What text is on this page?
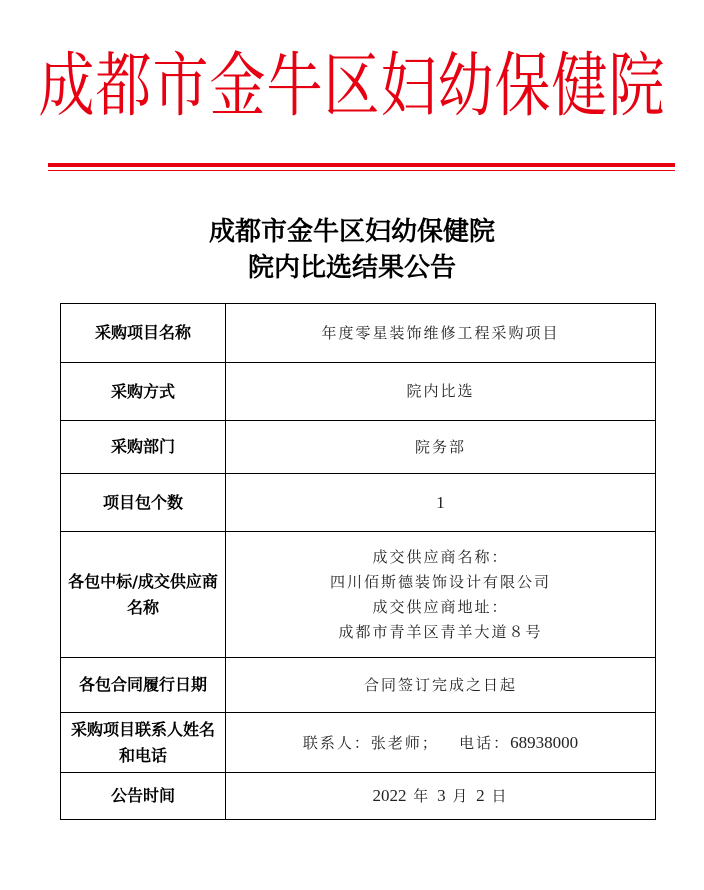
成都市金牛区妇幼保健院
成都市金牛区妇幼保健院
院内比选结果公告
采购项目名称	年度零星装饰维修工程采购项目
采购方式	院内比选
采购部门	院务部
项目包个数	1
各包中标/成交供应商名称	成交供应商名称：
四川佰斯德装饰设计有限公司
成交供应商地址：
成都市青羊区青羊大道８号

各包合同履行日期	合同签订完成之日起
采购项目联系人姓名和电话	联系人：张老师； 电话：68938000
公告时间	2022 年 3 月 2 日
